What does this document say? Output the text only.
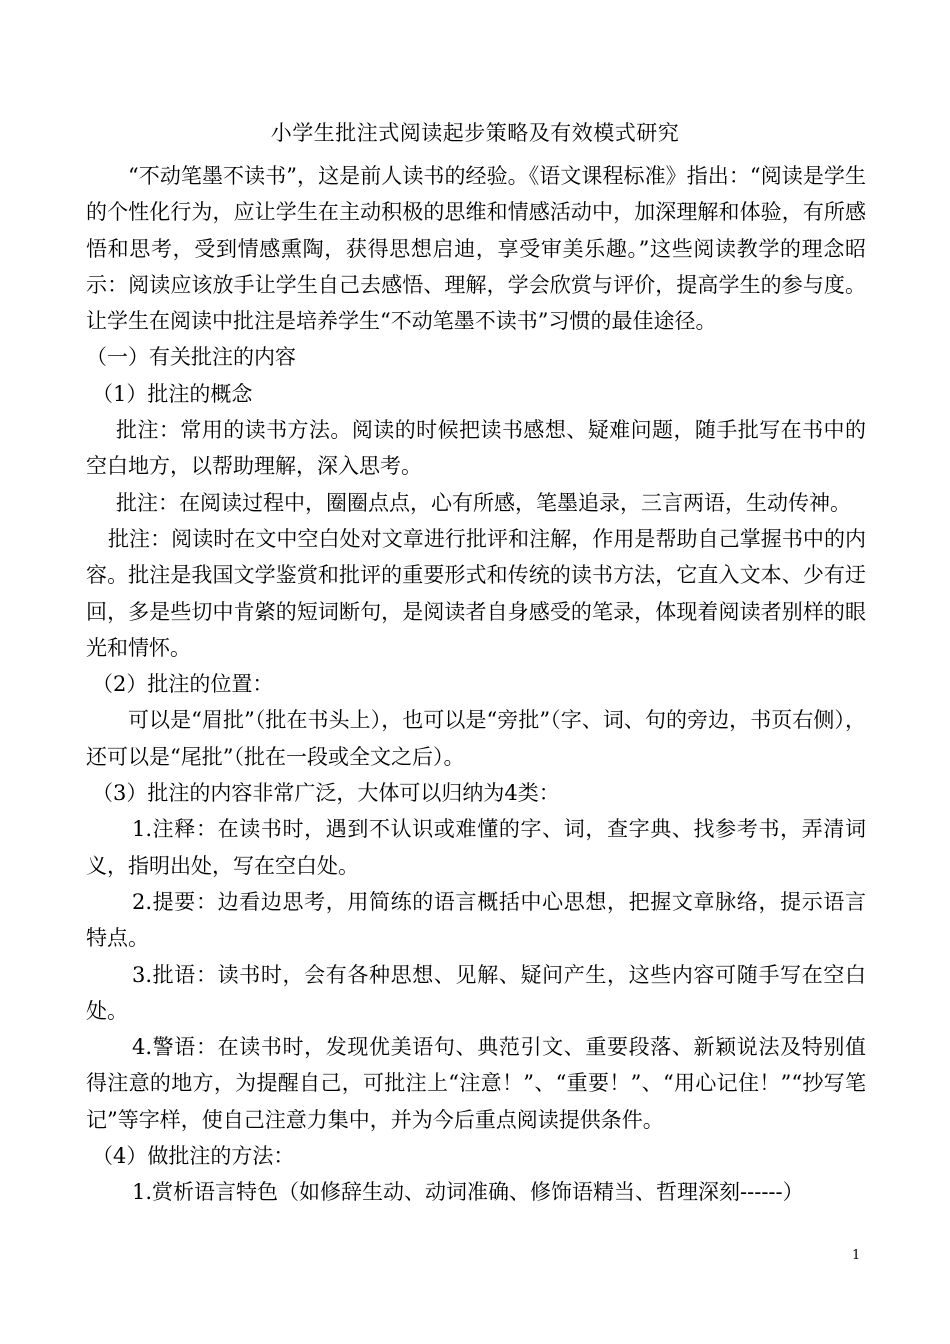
小学生批注式阅读起步策略及有效模式研究

“不动笔墨不读书”，这是前人读书的经验。《语文课程标准》指出：“阅读是学生的个性化行为，应让学生在主动积极的思维和情感活动中，加深理解和体验，有所感悟和思考，受到情感熏陶，获得思想启迪，享受审美乐趣。”这些阅读教学的理念昭示：阅读应该放手让学生自己去感悟、理解，学会欣赏与评价，提高学生的参与度。让学生在阅读中批注是培养学生“不动笔墨不读书”习惯的最佳途径。

（一）有关批注的内容

（1）批注的概念

批注：常用的读书方法。阅读的时候把读书感想、疑难问题，随手批写在书中的空白地方，以帮助理解，深入思考。

批注：在阅读过程中，圈圈点点，心有所感，笔墨追录，三言两语，生动传神。

批注：阅读时在文中空白处对文章进行批评和注解，作用是帮助自己掌握书中的内容。批注是我国文学鉴赏和批评的重要形式和传统的读书方法，它直入文本、少有迂回，多是些切中肯綮的短词断句，是阅读者自身感受的笔录，体现着阅读者别样的眼光和情怀。

（2）批注的位置：

可以是“眉批”（批在书头上），也可以是“旁批”（字、词、句的旁边，书页右侧），还可以是“尾批”（批在一段或全文之后）。

（3）批注的内容非常广泛，大体可以归纳为4类：

1.注释：在读书时，遇到不认识或难懂的字、词，查字典、找参考书，弄清词义，指明出处，写在空白处。

2.提要：边看边思考，用简练的语言概括中心思想，把握文章脉络，提示语言特点。

3.批语：读书时，会有各种思想、见解、疑问产生，这些内容可随手写在空白处。

4.警语：在读书时，发现优美语句、典范引文、重要段落、新颖说法及特别值得注意的地方，为提醒自己，可批注上“注意！”、“重要！”、“用心记住！”“抄写笔记”等字样，使自己注意力集中，并为今后重点阅读提供条件。

（4）做批注的方法：

1.赏析语言特色（如修辞生动、动词准确、修饰语精当、哲理深刻------）

1
